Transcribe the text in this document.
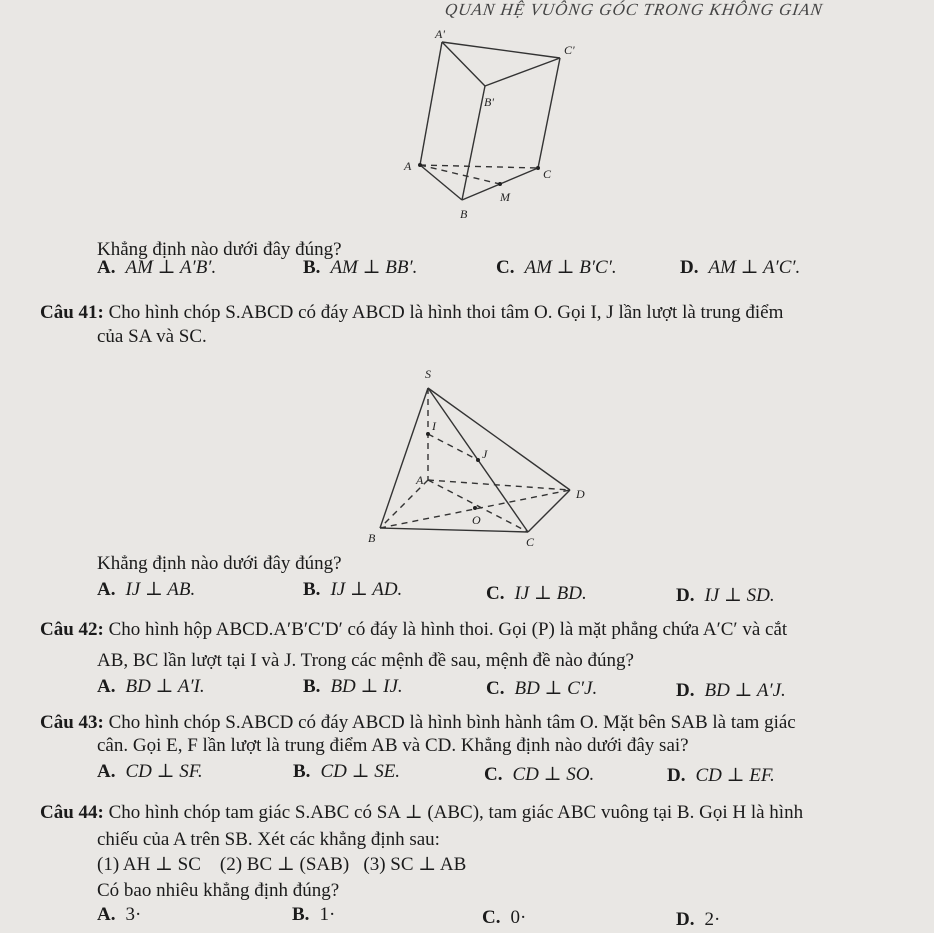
QUAN HỆ VUÔNG GÓC TRONG KHÔNG GIAN
A'
C'
B'
A
C
M
B
Khẳng định nào dưới đây đúng?
A. AM ⊥ A′B′.	B. AM ⊥ BB′.	C. AM ⊥ B′C′.	D. AM ⊥ A′C′.
Câu 41: Cho hình chóp S.ABCD có đáy ABCD là hình thoi tâm O. Gọi I, J lần lượt là trung điểm
của SA và SC.
S
I
J
A
D
O
B	C
Khẳng định nào dưới đây đúng?
A. IJ ⊥ AB.	B. IJ ⊥ AD.	C. IJ ⊥ BD.	D. IJ ⊥ SD.
Câu 42: Cho hình hộp ABCD.A′B′C′D′ có đáy là hình thoi. Gọi (P) là mặt phẳng chứa A′C′ và cắt
AB, BC lần lượt tại I và J. Trong các mệnh đề sau, mệnh đề nào đúng?
A. BD ⊥ A′I.	B. BD ⊥ IJ.	C. BD ⊥ C′J.	D. BD ⊥ A′J.
Câu 43: Cho hình chóp S.ABCD có đáy ABCD là hình bình hành tâm O. Mặt bên SAB là tam giác
cân. Gọi E, F lần lượt là trung điểm AB và CD. Khẳng định nào dưới đây sai?
A. CD ⊥ SF.	B. CD ⊥ SE.	C. CD ⊥ SO.	D. CD ⊥ EF.
Câu 44: Cho hình chóp tam giác S.ABC có SA ⊥ (ABC), tam giác ABC vuông tại B. Gọi H là hình
chiếu của A trên SB. Xét các khẳng định sau:
(1) AH ⊥ SC    (2) BC ⊥ (SAB)   (3) SC ⊥ AB
Có bao nhiêu khẳng định đúng?
A. 3·	B. 1·	C. 0·	D. 2·
